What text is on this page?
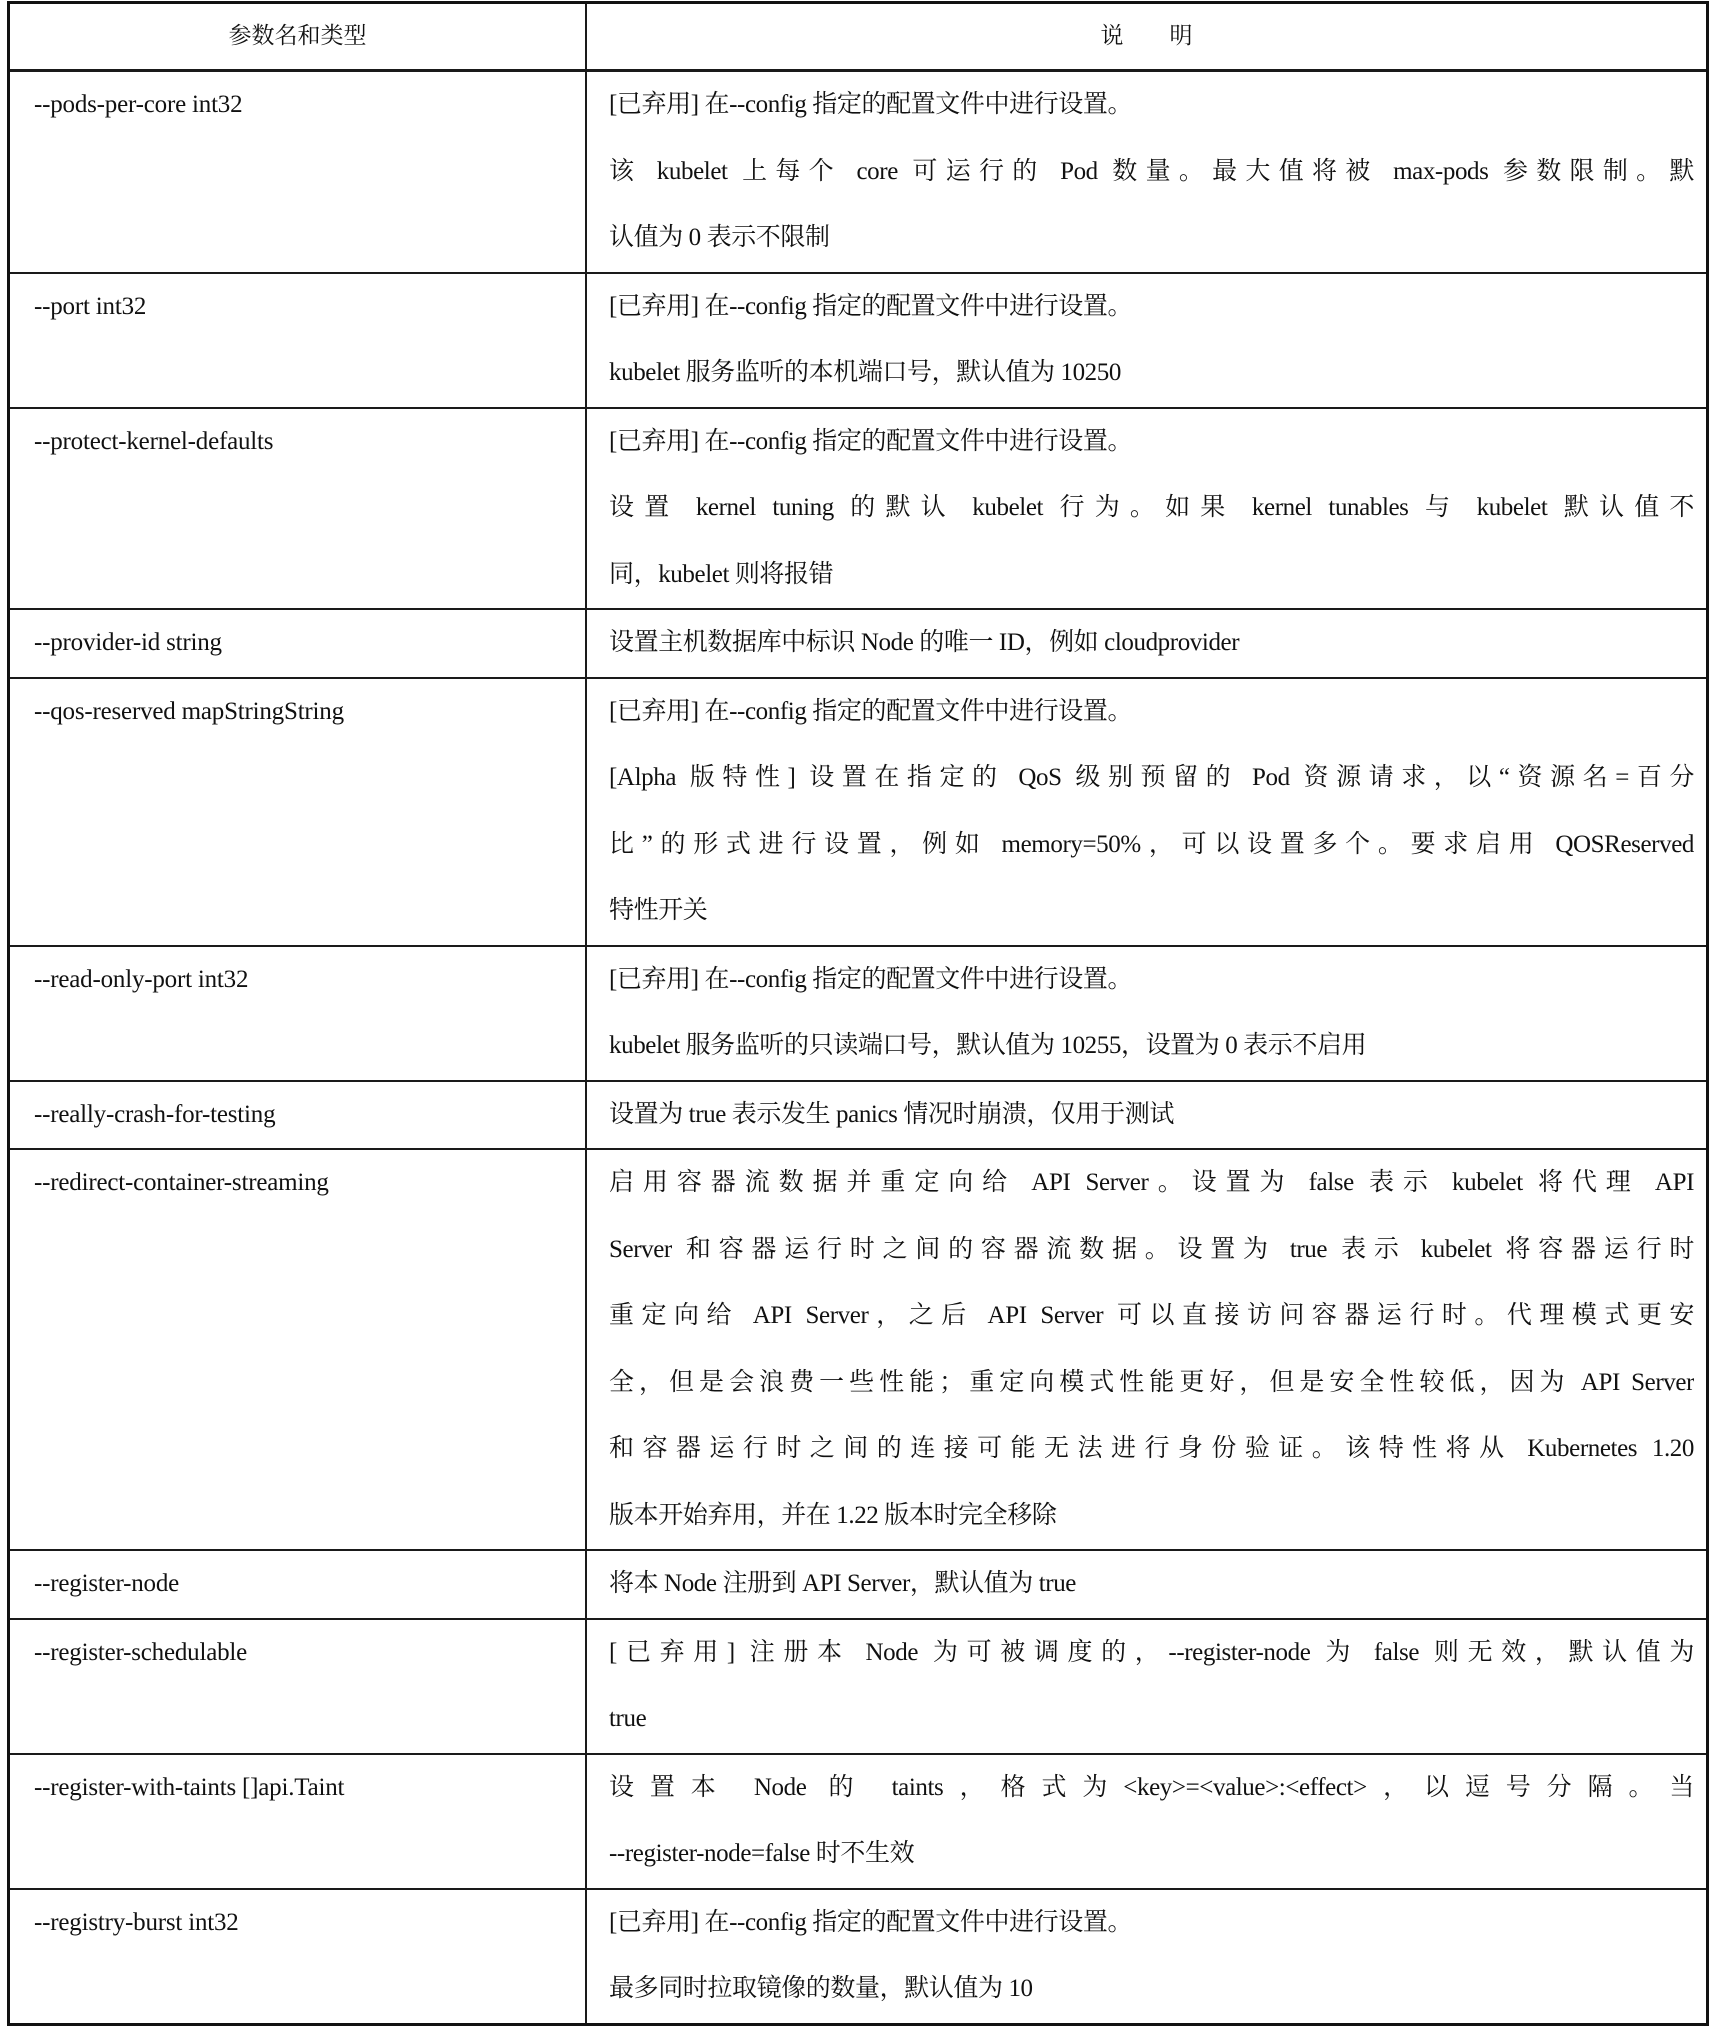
参数名和类型	说　　明
--pods-per-core int32	[已弃用] 在--config 指定的配置文件中进行设置。
该 kubelet 上每个 core 可运行的 Pod 数量。最大值将被 max-pods 参数限制。默
认值为 0 表示不限制
--port int32	[已弃用] 在--config 指定的配置文件中进行设置。
kubelet 服务监听的本机端口号，默认值为 10250
--protect-kernel-defaults	[已弃用] 在--config 指定的配置文件中进行设置。
设置 kernel tuning 的默认 kubelet 行为。如果 kernel tunables 与 kubelet 默认值不
同，kubelet 则将报错
--provider-id string	设置主机数据库中标识 Node 的唯一 ID，例如 cloudprovider
--qos-reserved mapStringString	[已弃用] 在--config 指定的配置文件中进行设置。
[Alpha 版特性] 设置在指定的 QoS 级别预留的 Pod 资源请求，以“资源名=百分
比”的形式进行设置，例如 memory=50%，可以设置多个。要求启用 QOSReserved
特性开关
--read-only-port int32	[已弃用] 在--config 指定的配置文件中进行设置。
kubelet 服务监听的只读端口号，默认值为 10255，设置为 0 表示不启用
--really-crash-for-testing	设置为 true 表示发生 panics 情况时崩溃，仅用于测试
--redirect-container-streaming	启用容器流数据并重定向给 API Server。设置为 false 表示 kubelet 将代理 API
Server 和容器运行时之间的容器流数据。设置为 true 表示 kubelet 将容器运行时
重定向给 API Server，之后 API Server 可以直接访问容器运行时。代理模式更安
全，但是会浪费一些性能；重定向模式性能更好，但是安全性较低，因为 API Server
和容器运行时之间的连接可能无法进行身份验证。该特性将从 Kubernetes 1.20
版本开始弃用，并在 1.22 版本时完全移除
--register-node	将本 Node 注册到 API Server，默认值为 true
--register-schedulable	[已弃用] 注册本 Node 为可被调度的，--register-node 为 false 则无效，默认值为
true
--register-with-taints []api.Taint	设置本 Node 的 taints，格式为<key>=<value>:<effect>，以逗号分隔。当
--register-node=false 时不生效
--registry-burst int32	[已弃用] 在--config 指定的配置文件中进行设置。
最多同时拉取镜像的数量，默认值为 10
